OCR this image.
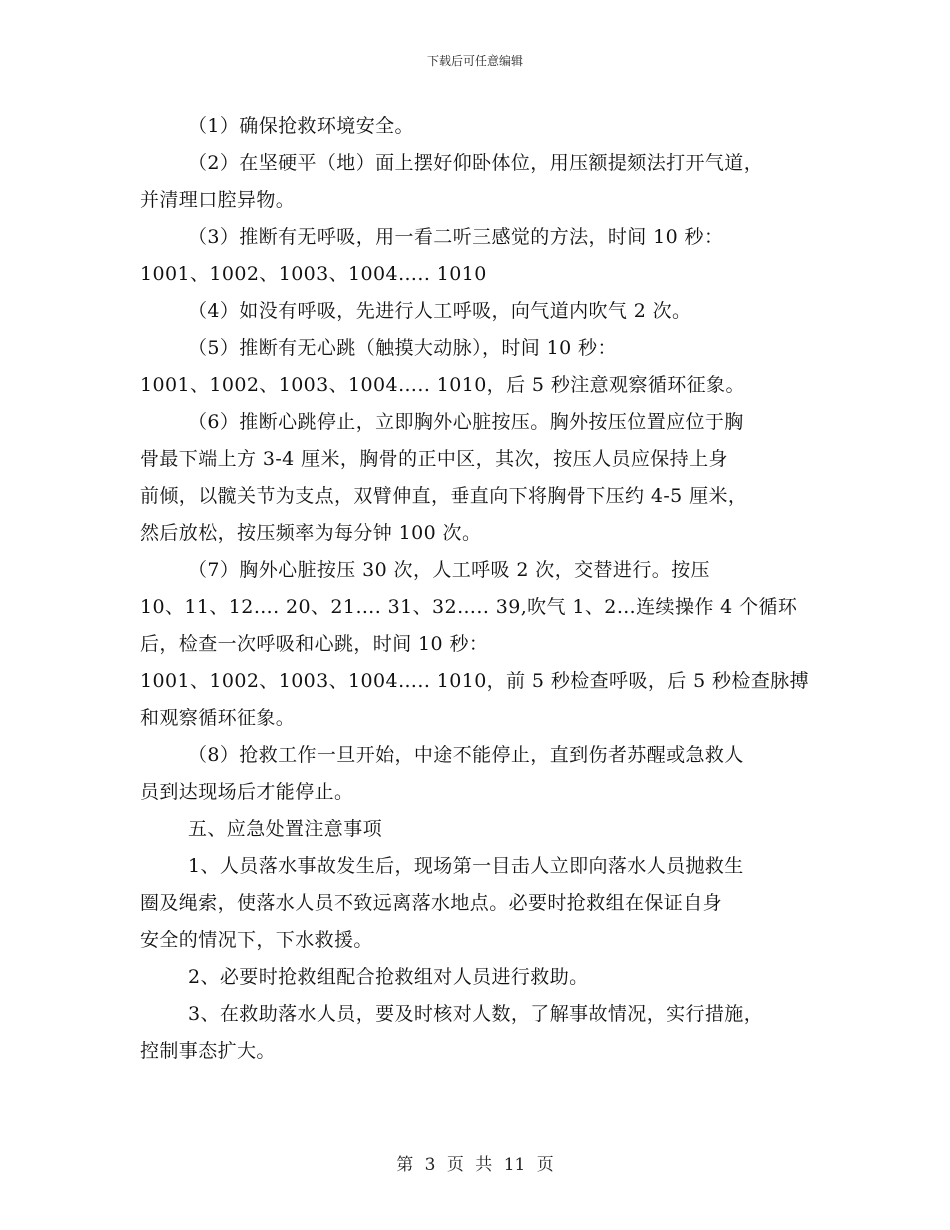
下载后可任意编辑
（1）确保抢救环境安全。
（2）在坚硬平（地）面上摆好仰卧体位，用压额提颏法打开气道，
并清理口腔异物。
（3）推断有无呼吸，用一看二听三感觉的方法，时间 10 秒：
1001、1002、1003、1004….. 1010
（4）如没有呼吸，先进行人工呼吸，向气道内吹气 2 次。
（5）推断有无心跳（触摸大动脉），时间 10 秒：
1001、1002、1003、1004….. 1010，后 5 秒注意观察循环征象。
（6）推断心跳停止，立即胸外心脏按压。胸外按压位置应位于胸
骨最下端上方 3-4 厘米，胸骨的正中区，其次，按压人员应保持上身
前倾，以髋关节为支点，双臂伸直，垂直向下将胸骨下压约 4-5 厘米，
然后放松，按压频率为每分钟 100 次。
（7）胸外心脏按压 30 次，人工呼吸 2 次，交替进行。按压
10、11、12…. 20、21…. 31、32….. 39,吹气 1、2…连续操作 4 个循环
后，检查一次呼吸和心跳，时间 10 秒：
1001、1002、1003、1004….. 1010，前 5 秒检查呼吸，后 5 秒检查脉搏
和观察循环征象。
（8）抢救工作一旦开始，中途不能停止，直到伤者苏醒或急救人
员到达现场后才能停止。
五、应急处置注意事项
1、人员落水事故发生后，现场第一目击人立即向落水人员抛救生
圈及绳索，使落水人员不致远离落水地点。必要时抢救组在保证自身
安全的情况下，下水救援。
2、必要时抢救组配合抢救组对人员进行救助。
3、在救助落水人员，要及时核对人数，了解事故情况，实行措施，
控制事态扩大。
第 3 页 共 11 页
